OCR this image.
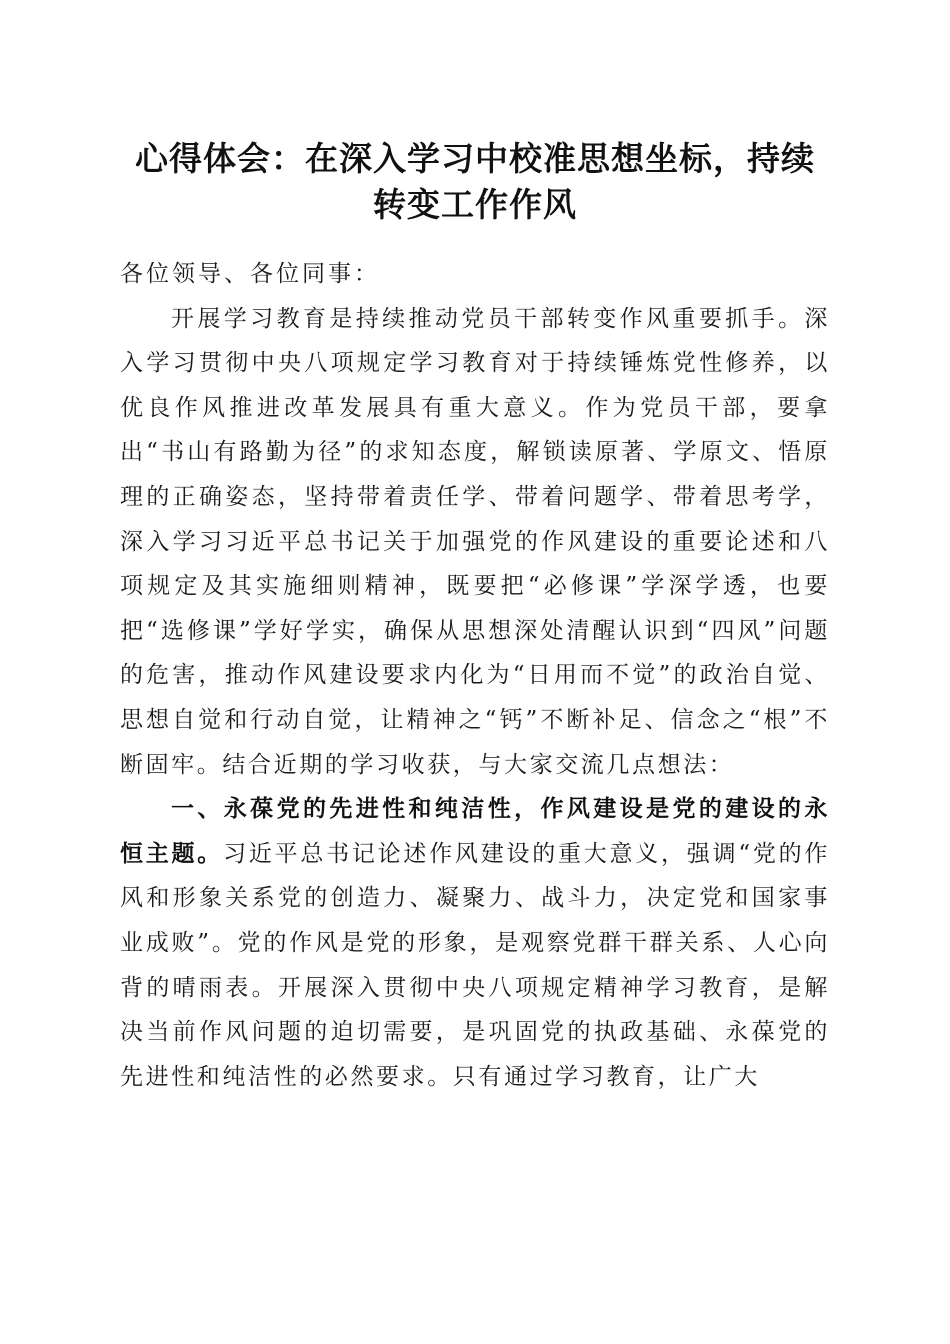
心得体会：在深入学习中校准思想坐标，持续
转变工作作风

各位领导、各位同事：

开展学习教育是持续推动党员干部转变作风重要抓手。深入学习贯彻中央八项规定学习教育对于持续锤炼党性修养，以优良作风推进改革发展具有重大意义。作为党员干部，要拿出“书山有路勤为径”的求知态度，解锁读原著、学原文、悟原理的正确姿态，坚持带着责任学、带着问题学、带着思考学，深入学习习近平总书记关于加强党的作风建设的重要论述和八项规定及其实施细则精神，既要把“必修课”学深学透，也要把“选修课”学好学实，确保从思想深处清醒认识到“四风”问题的危害，推动作风建设要求内化为“日用而不觉”的政治自觉、思想自觉和行动自觉，让精神之“钙”不断补足、信念之“根”不断固牢。结合近期的学习收获，与大家交流几点想法：

一、永葆党的先进性和纯洁性，作风建设是党的建设的永恒主题。习近平总书记论述作风建设的重大意义，强调“党的作风和形象关系党的创造力、凝聚力、战斗力，决定党和国家事业成败”。党的作风是党的形象，是观察党群干群关系、人心向背的晴雨表。开展深入贯彻中央八项规定精神学习教育，是解决当前作风问题的迫切需要，是巩固党的执政基础、永葆党的先进性和纯洁性的必然要求。只有通过学习教育，让广大
